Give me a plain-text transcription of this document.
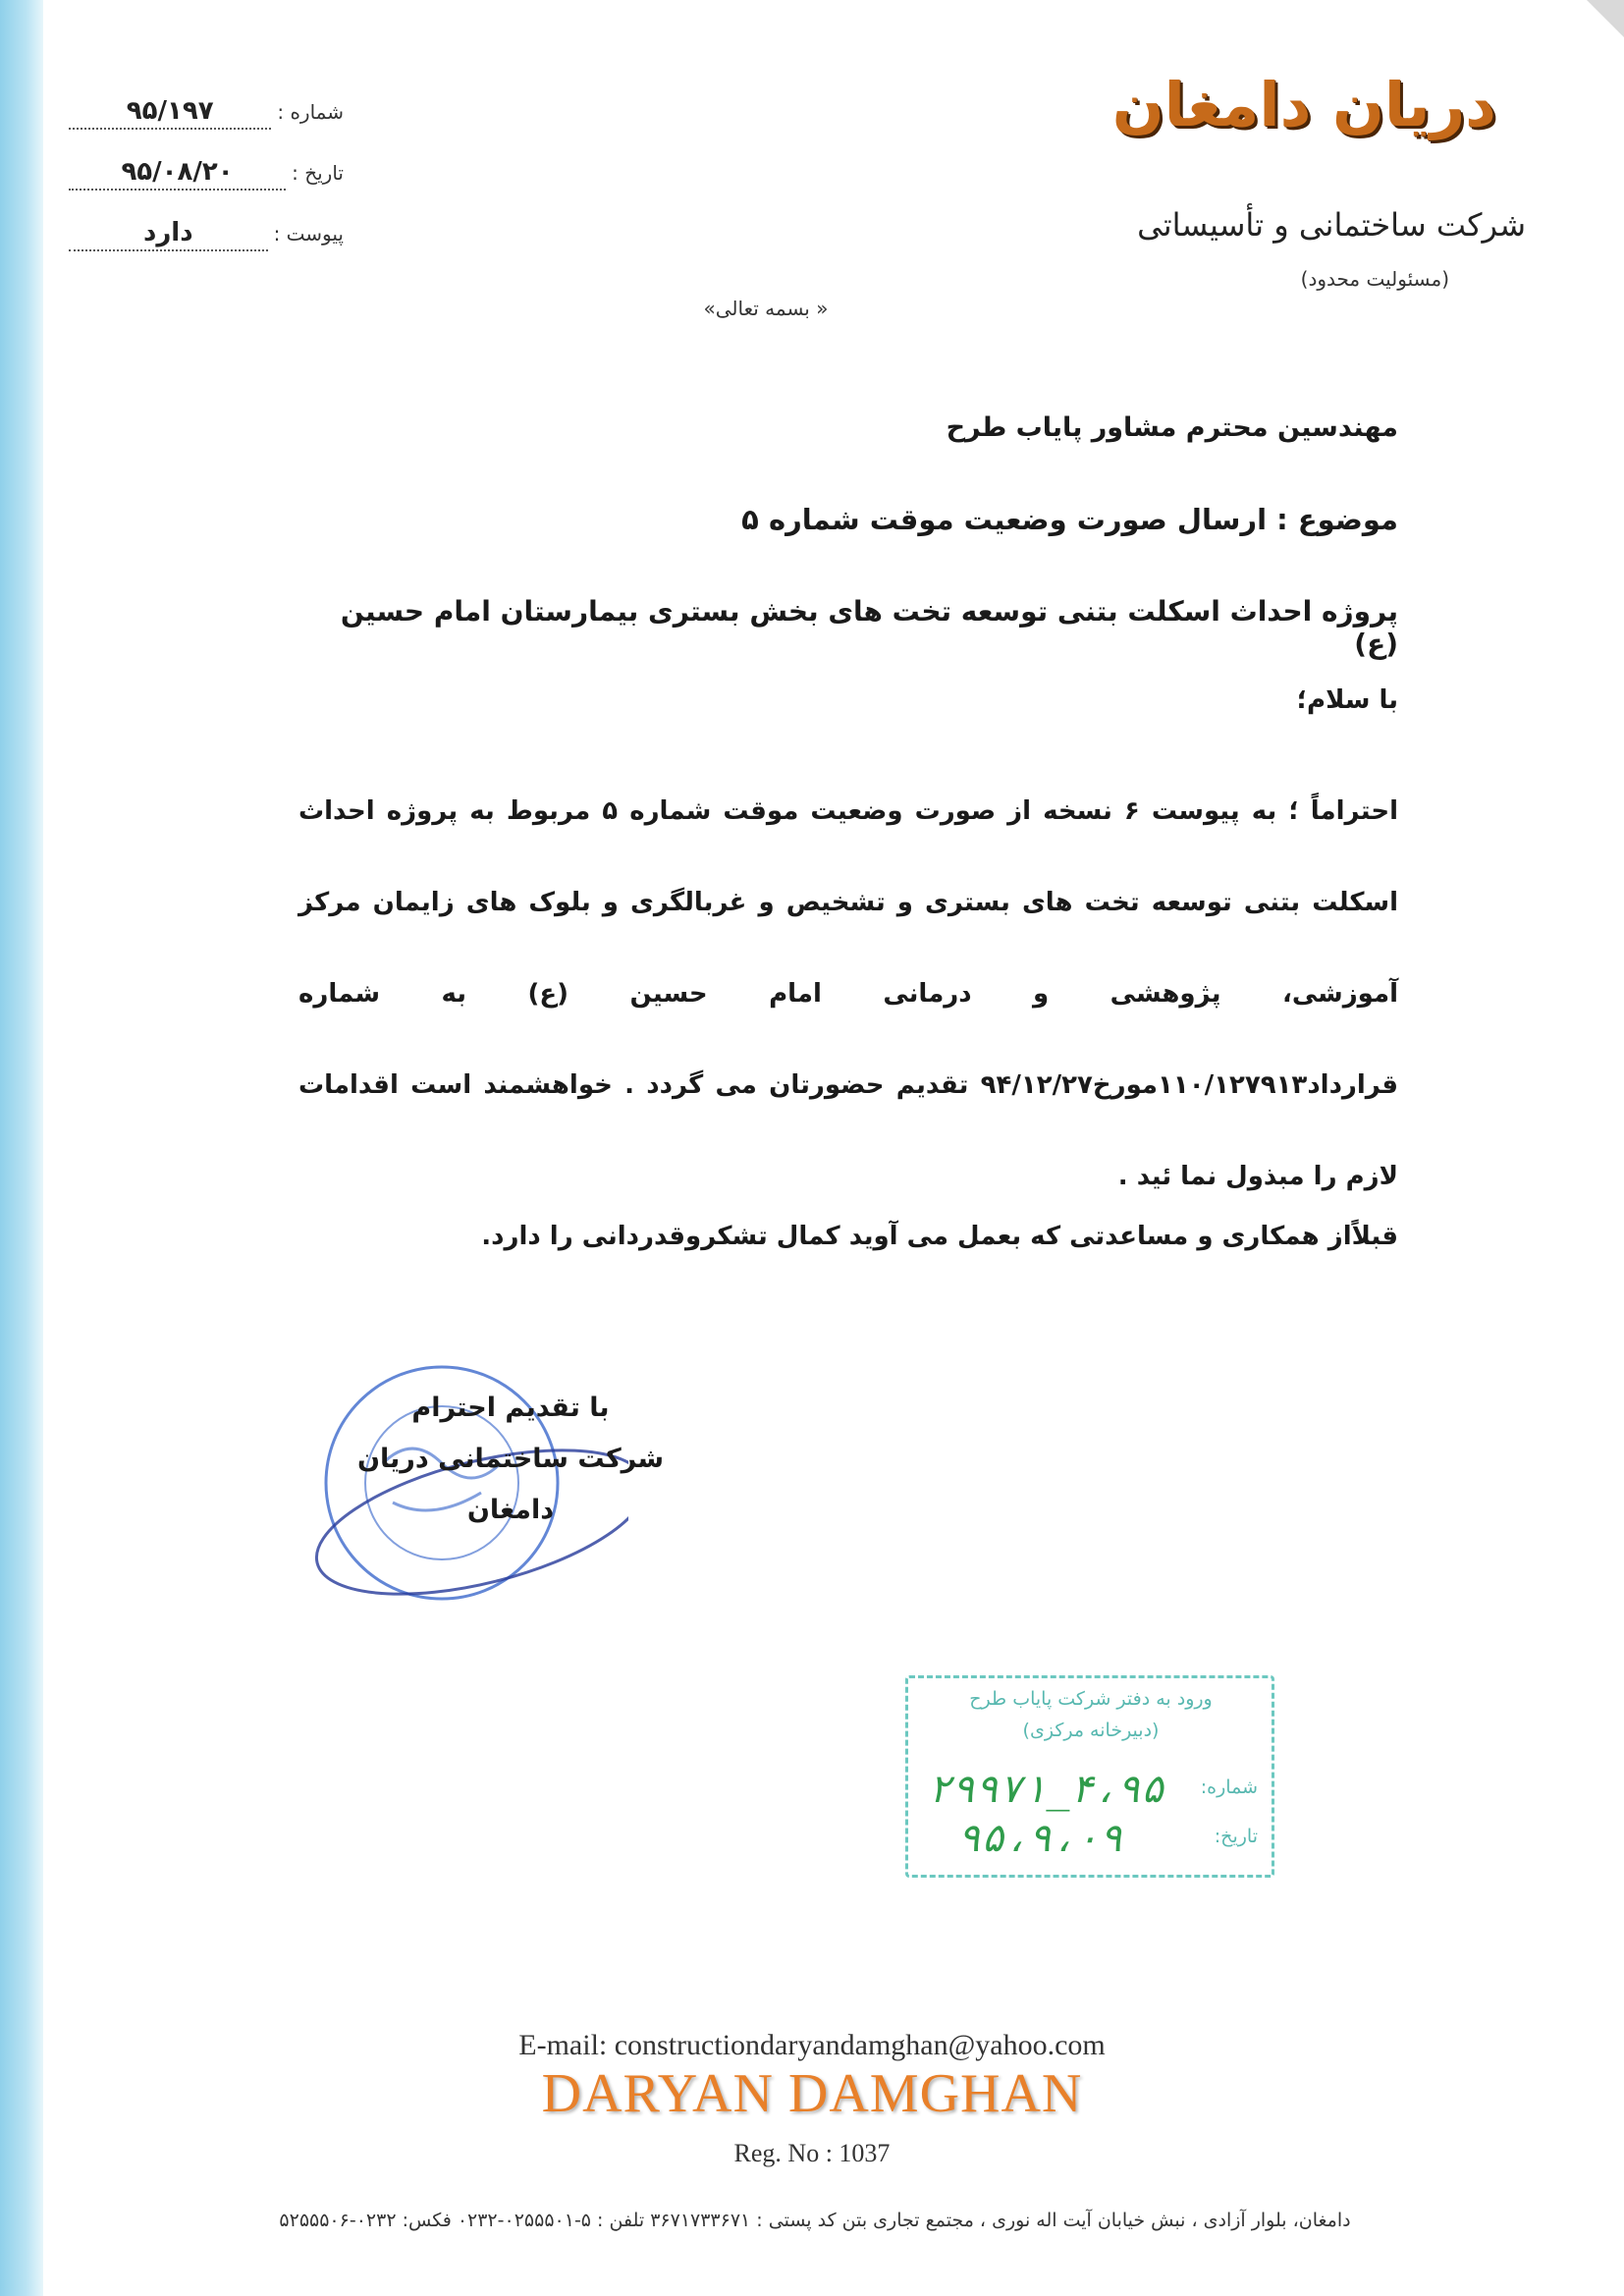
شماره :
۹۵/۱۹۷
تاریخ :
۹۵/۰۸/۲۰
پیوست :
دارد
دریان دامغان
شرکت ساختمانی و تأسیساتی
(مسئولیت محدود)
« بسمه تعالی»
مهندسین محترم مشاور پایاب طرح
موضوع : ارسال صورت وضعیت موقت شماره ۵
پروژه احداث اسکلت بتنی توسعه تخت های بخش بستری بیمارستان امام حسین (ع)
با سلام؛
احتراماً ؛ به پیوست ۶ نسخه از صورت وضعیت موقت شماره ۵ مربوط به پروژه احداث اسکلت بتنی توسعه تخت های بستری و تشخیص و غربالگری و بلوک های زایمان مرکز آموزشی، پژوهشی و درمانی امام حسین (ع) به شماره قرارداد۱۱۰/۱۲۷۹۱۳مورخ۹۴/۱۲/۲۷ تقدیم حضورتان می گردد . خواهشمند است اقدامات لازم را مبذول نما ئید .
قبلاًاز همکاری و مساعدتی که بعمل می آوید کمال تشکروقدردانی را دارد.
با تقدیم احترام
شرکت ساختمانی دریان دامغان
ورود به دفتر شرکت پایاب طرح
(دبیرخانه مرکزی)
شماره:
تاریخ:
۴،۹۵_۲۹۹۷۱
۹۵،۹،۰۹
E-mail: constructiondaryandamghan@yahoo.com
DARYAN DAMGHAN
Reg. No : 1037
دامغان، بلوار آزادی ، نبش خیابان آیت اله نوری ، مجتمع تجاری بتن کد پستی : ۳۶۷۱۷۳۳۶۷۱ تلفن : ۵-۰۲۵۵۵۰۱-۰۲۳۲ فکس: ۰۲۳۲-۵۲۵۵۵۰۶
